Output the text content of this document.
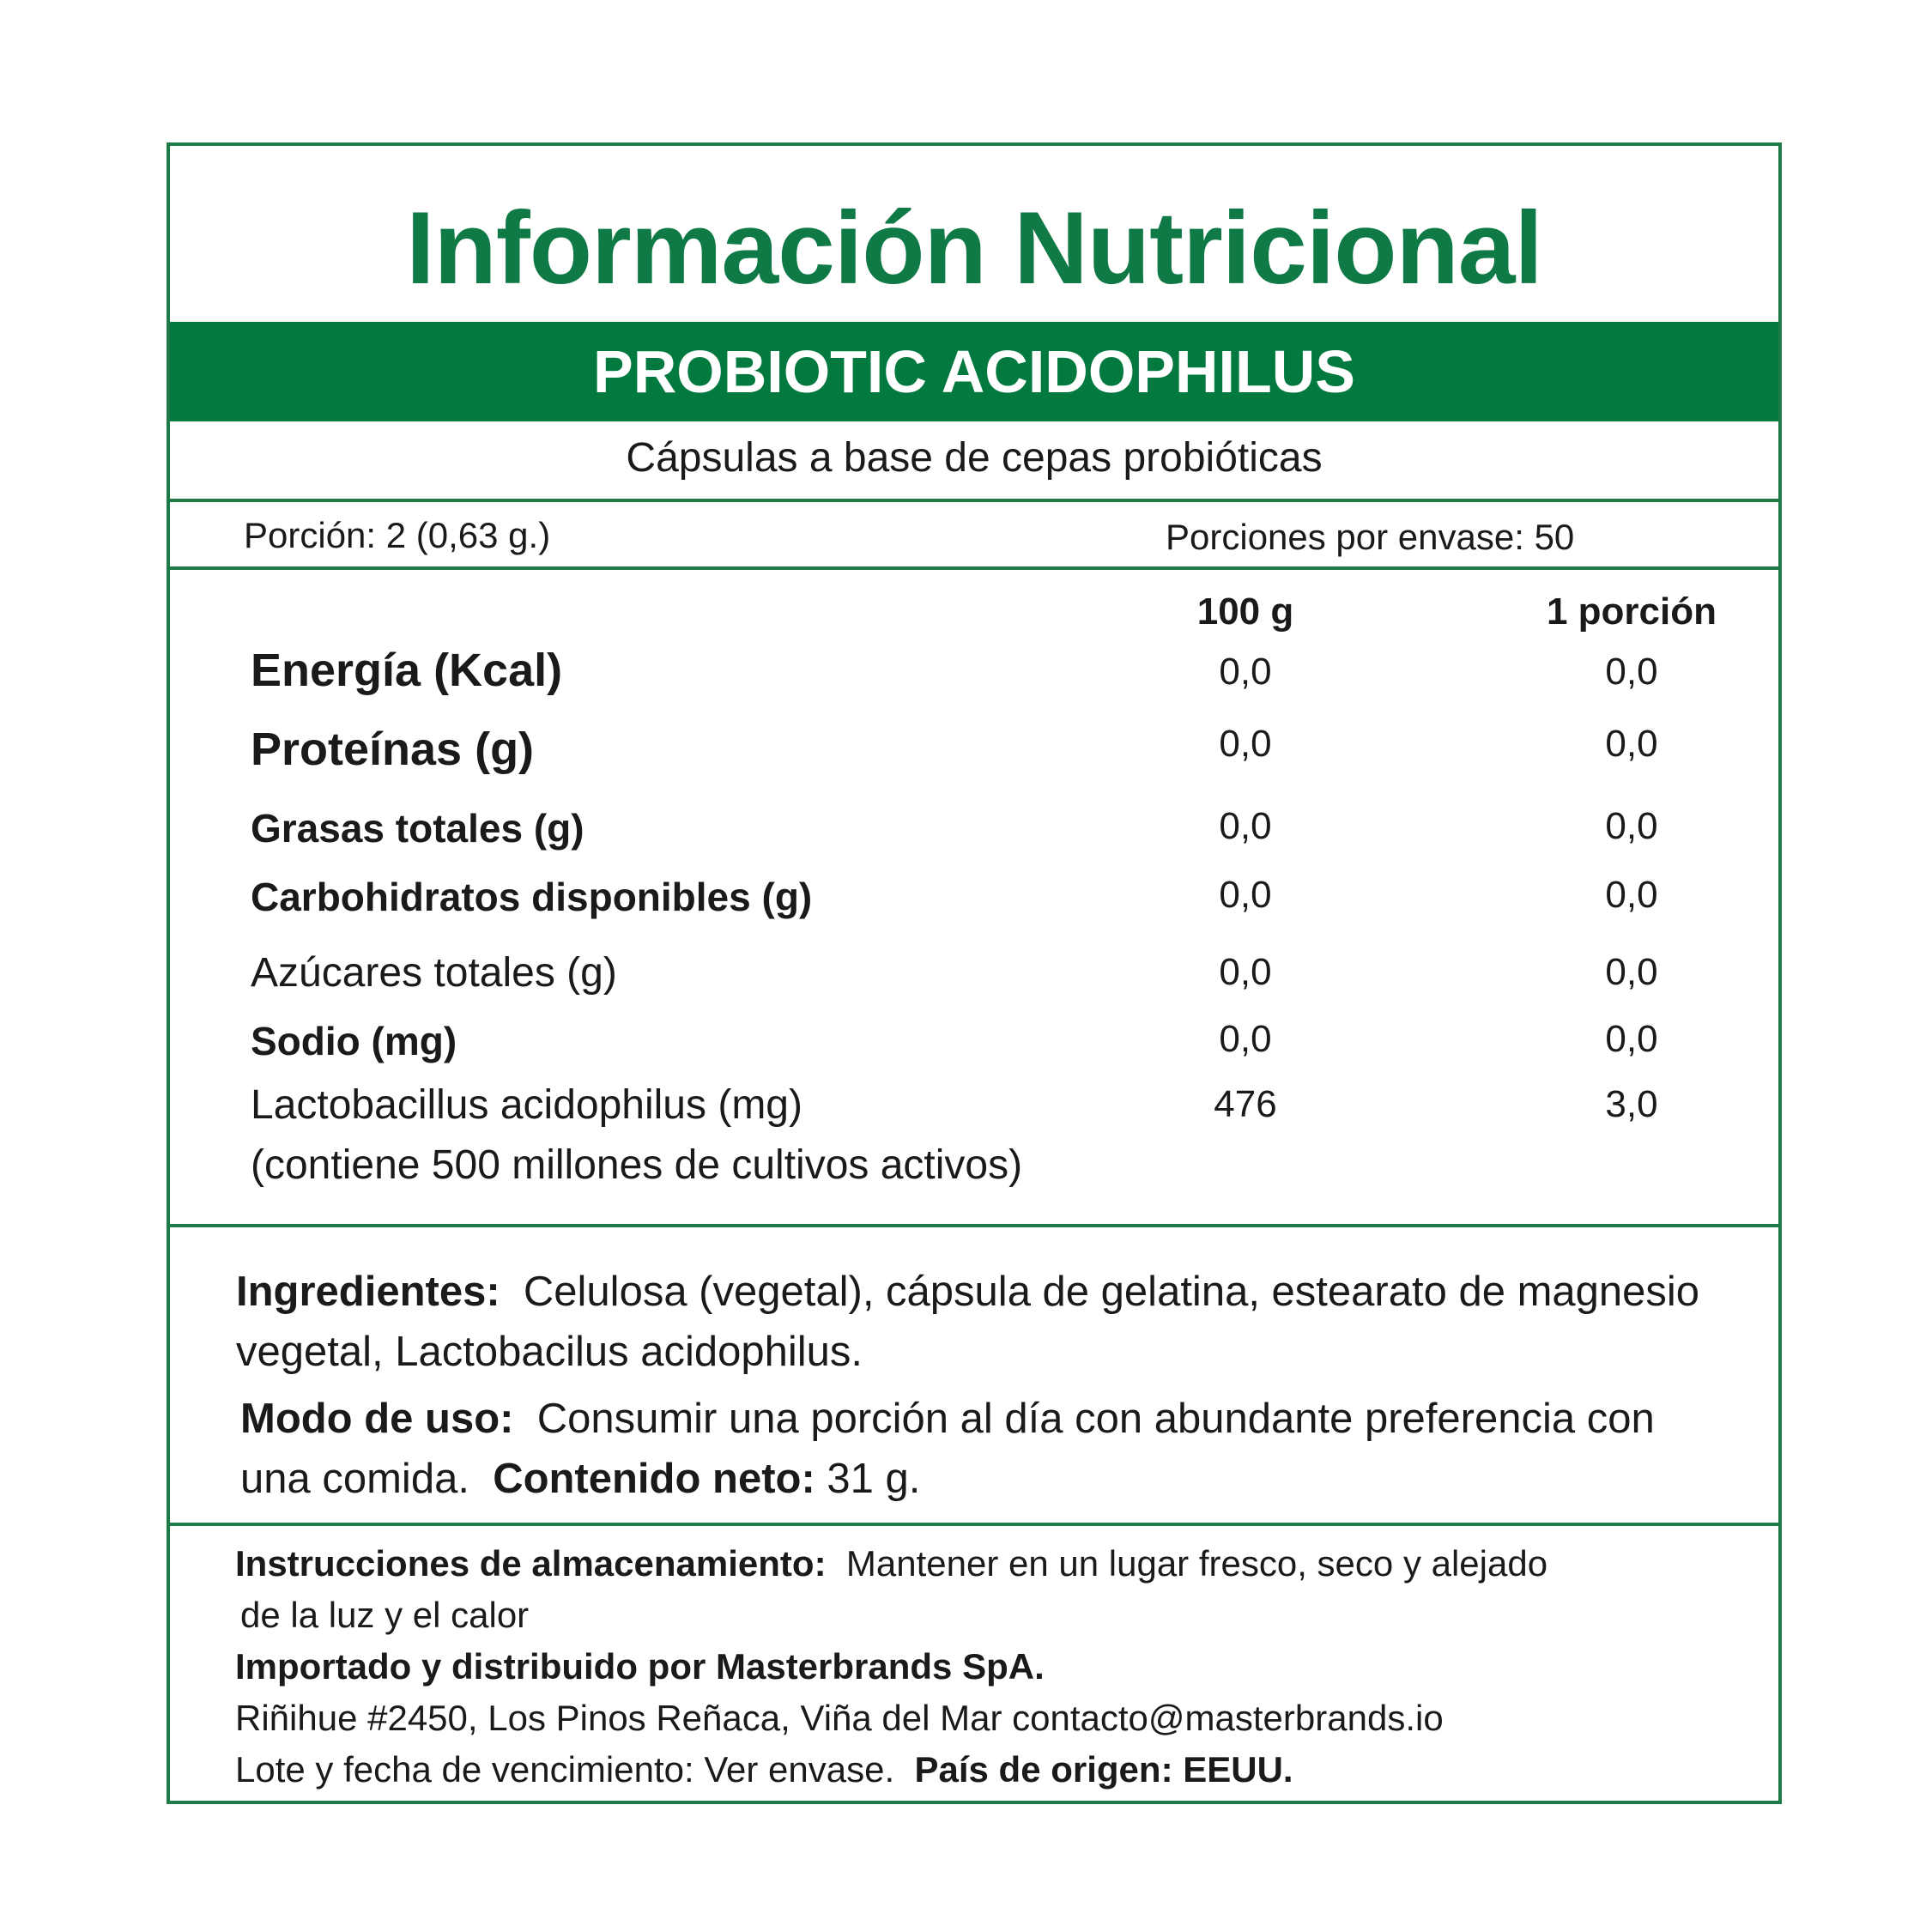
Información Nutricional
PROBIOTIC ACIDOPHILUS
Cápsulas a base de cepas probióticas
Porción: 2 (0,63 g.)	Porciones por envase: 50
100 g	1 porción
Energía (Kcal)	0,0	0,0
Proteínas (g)	0,0	0,0
Grasas totales (g)	0,0	0,0
Carbohidratos disponibles (g)	0,0	0,0
Azúcares totales (g)	0,0	0,0
Sodio (mg)	0,0	0,0
Lactobacillus acidophilus (mg)	476	3,0
(contiene 500 millones de cultivos activos)
Ingredientes: Celulosa (vegetal), cápsula de gelatina, estearato de magnesio
vegetal, Lactobacilus acidophilus.
Modo de uso: Consumir una porción al día con abundante preferencia con
una comida. Contenido neto: 31 g.
Instrucciones de almacenamiento: Mantener en un lugar fresco, seco y alejado
de la luz y el calor
Importado y distribuido por Masterbrands SpA.
Riñihue #2450, Los Pinos Reñaca, Viña del Mar contacto@masterbrands.io
Lote y fecha de vencimiento: Ver envase. País de origen: EEUU.
